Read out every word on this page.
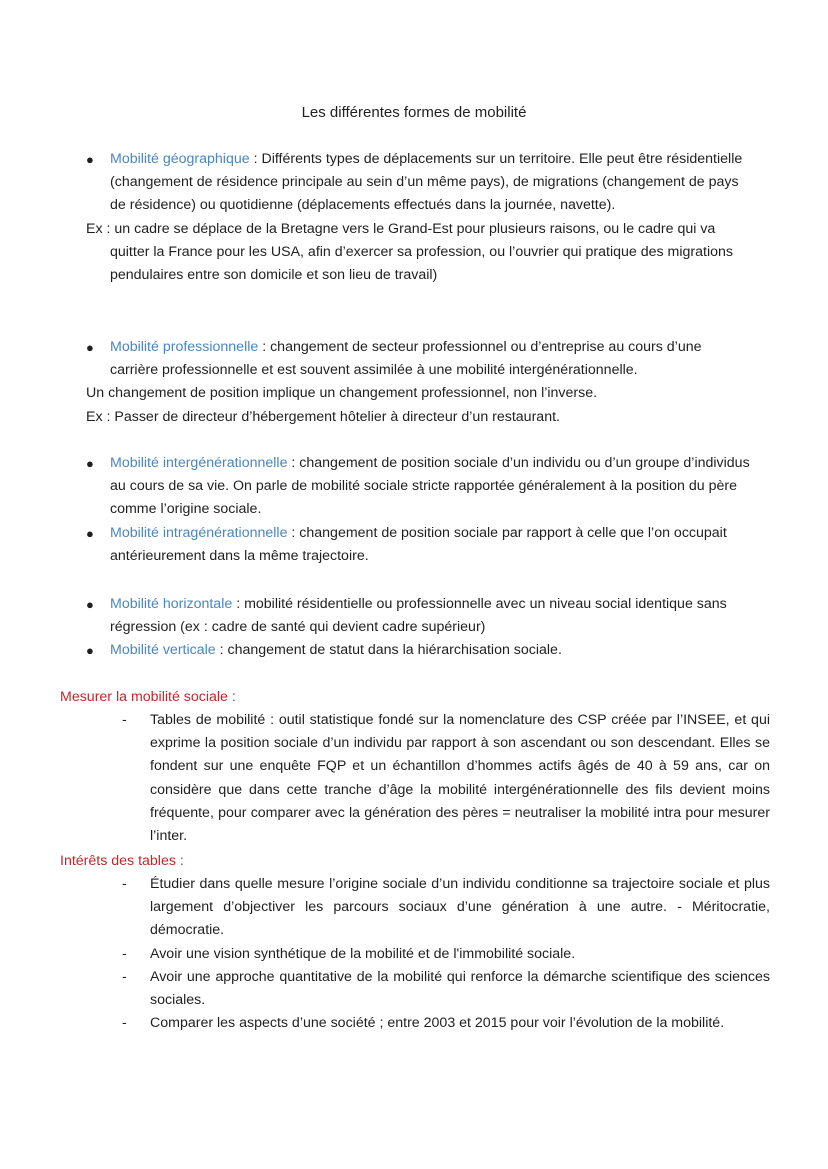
Les différentes formes de mobilité
● Mobilité géographique : Différents types de déplacements sur un territoire. Elle peut être résidentielle (changement de résidence principale au sein d’un même pays), de migrations (changement de pays de résidence) ou quotidienne (déplacements effectués dans la journée, navette).
Ex : un cadre se déplace de la Bretagne vers le Grand-Est pour plusieurs raisons, ou le cadre qui va quitter la France pour les USA, afin d’exercer sa profession, ou l’ouvrier qui pratique des migrations pendulaires entre son domicile et son lieu de travail)
● Mobilité professionnelle : changement de secteur professionnel ou d’entreprise au cours d’une carrière professionnelle et est souvent assimilée à une mobilité intergénérationnelle.
Un changement de position implique un changement professionnel, non l’inverse.
Ex : Passer de directeur d’hébergement hôtelier à directeur d’un restaurant.
● Mobilité intergénérationnelle : changement de position sociale d’un individu ou d’un groupe d’individus au cours de sa vie. On parle de mobilité sociale stricte rapportée généralement à la position du père comme l’origine sociale.
● Mobilité intragénérationnelle : changement de position sociale par rapport à celle que l’on occupait antérieurement dans la même trajectoire.
● Mobilité horizontale : mobilité résidentielle ou professionnelle avec un niveau social identique sans régression (ex : cadre de santé qui devient cadre supérieur)
● Mobilité verticale : changement de statut dans la hiérarchisation sociale.
Mesurer la mobilité sociale :
- Tables de mobilité : outil statistique fondé sur la nomenclature des CSP créée par l’INSEE, et qui exprime la position sociale d’un individu par rapport à son ascendant ou son descendant. Elles se fondent sur une enquête FQP et un échantillon d’hommes actifs âgés de 40 à 59 ans, car on considère que dans cette tranche d’âge la mobilité intergénérationnelle des fils devient moins fréquente, pour comparer avec la génération des pères = neutraliser la mobilité intra pour mesurer l’inter.
Intérêts des tables :
- Étudier dans quelle mesure l’origine sociale d’un individu conditionne sa trajectoire sociale et plus largement d’objectiver les parcours sociaux d’une génération à une autre. - Méritocratie, démocratie.
- Avoir une vision synthétique de la mobilité et de l'immobilité sociale.
- Avoir une approche quantitative de la mobilité qui renforce la démarche scientifique des sciences sociales.
- Comparer les aspects d’une société ; entre 2003 et 2015 pour voir l’évolution de la mobilité.
